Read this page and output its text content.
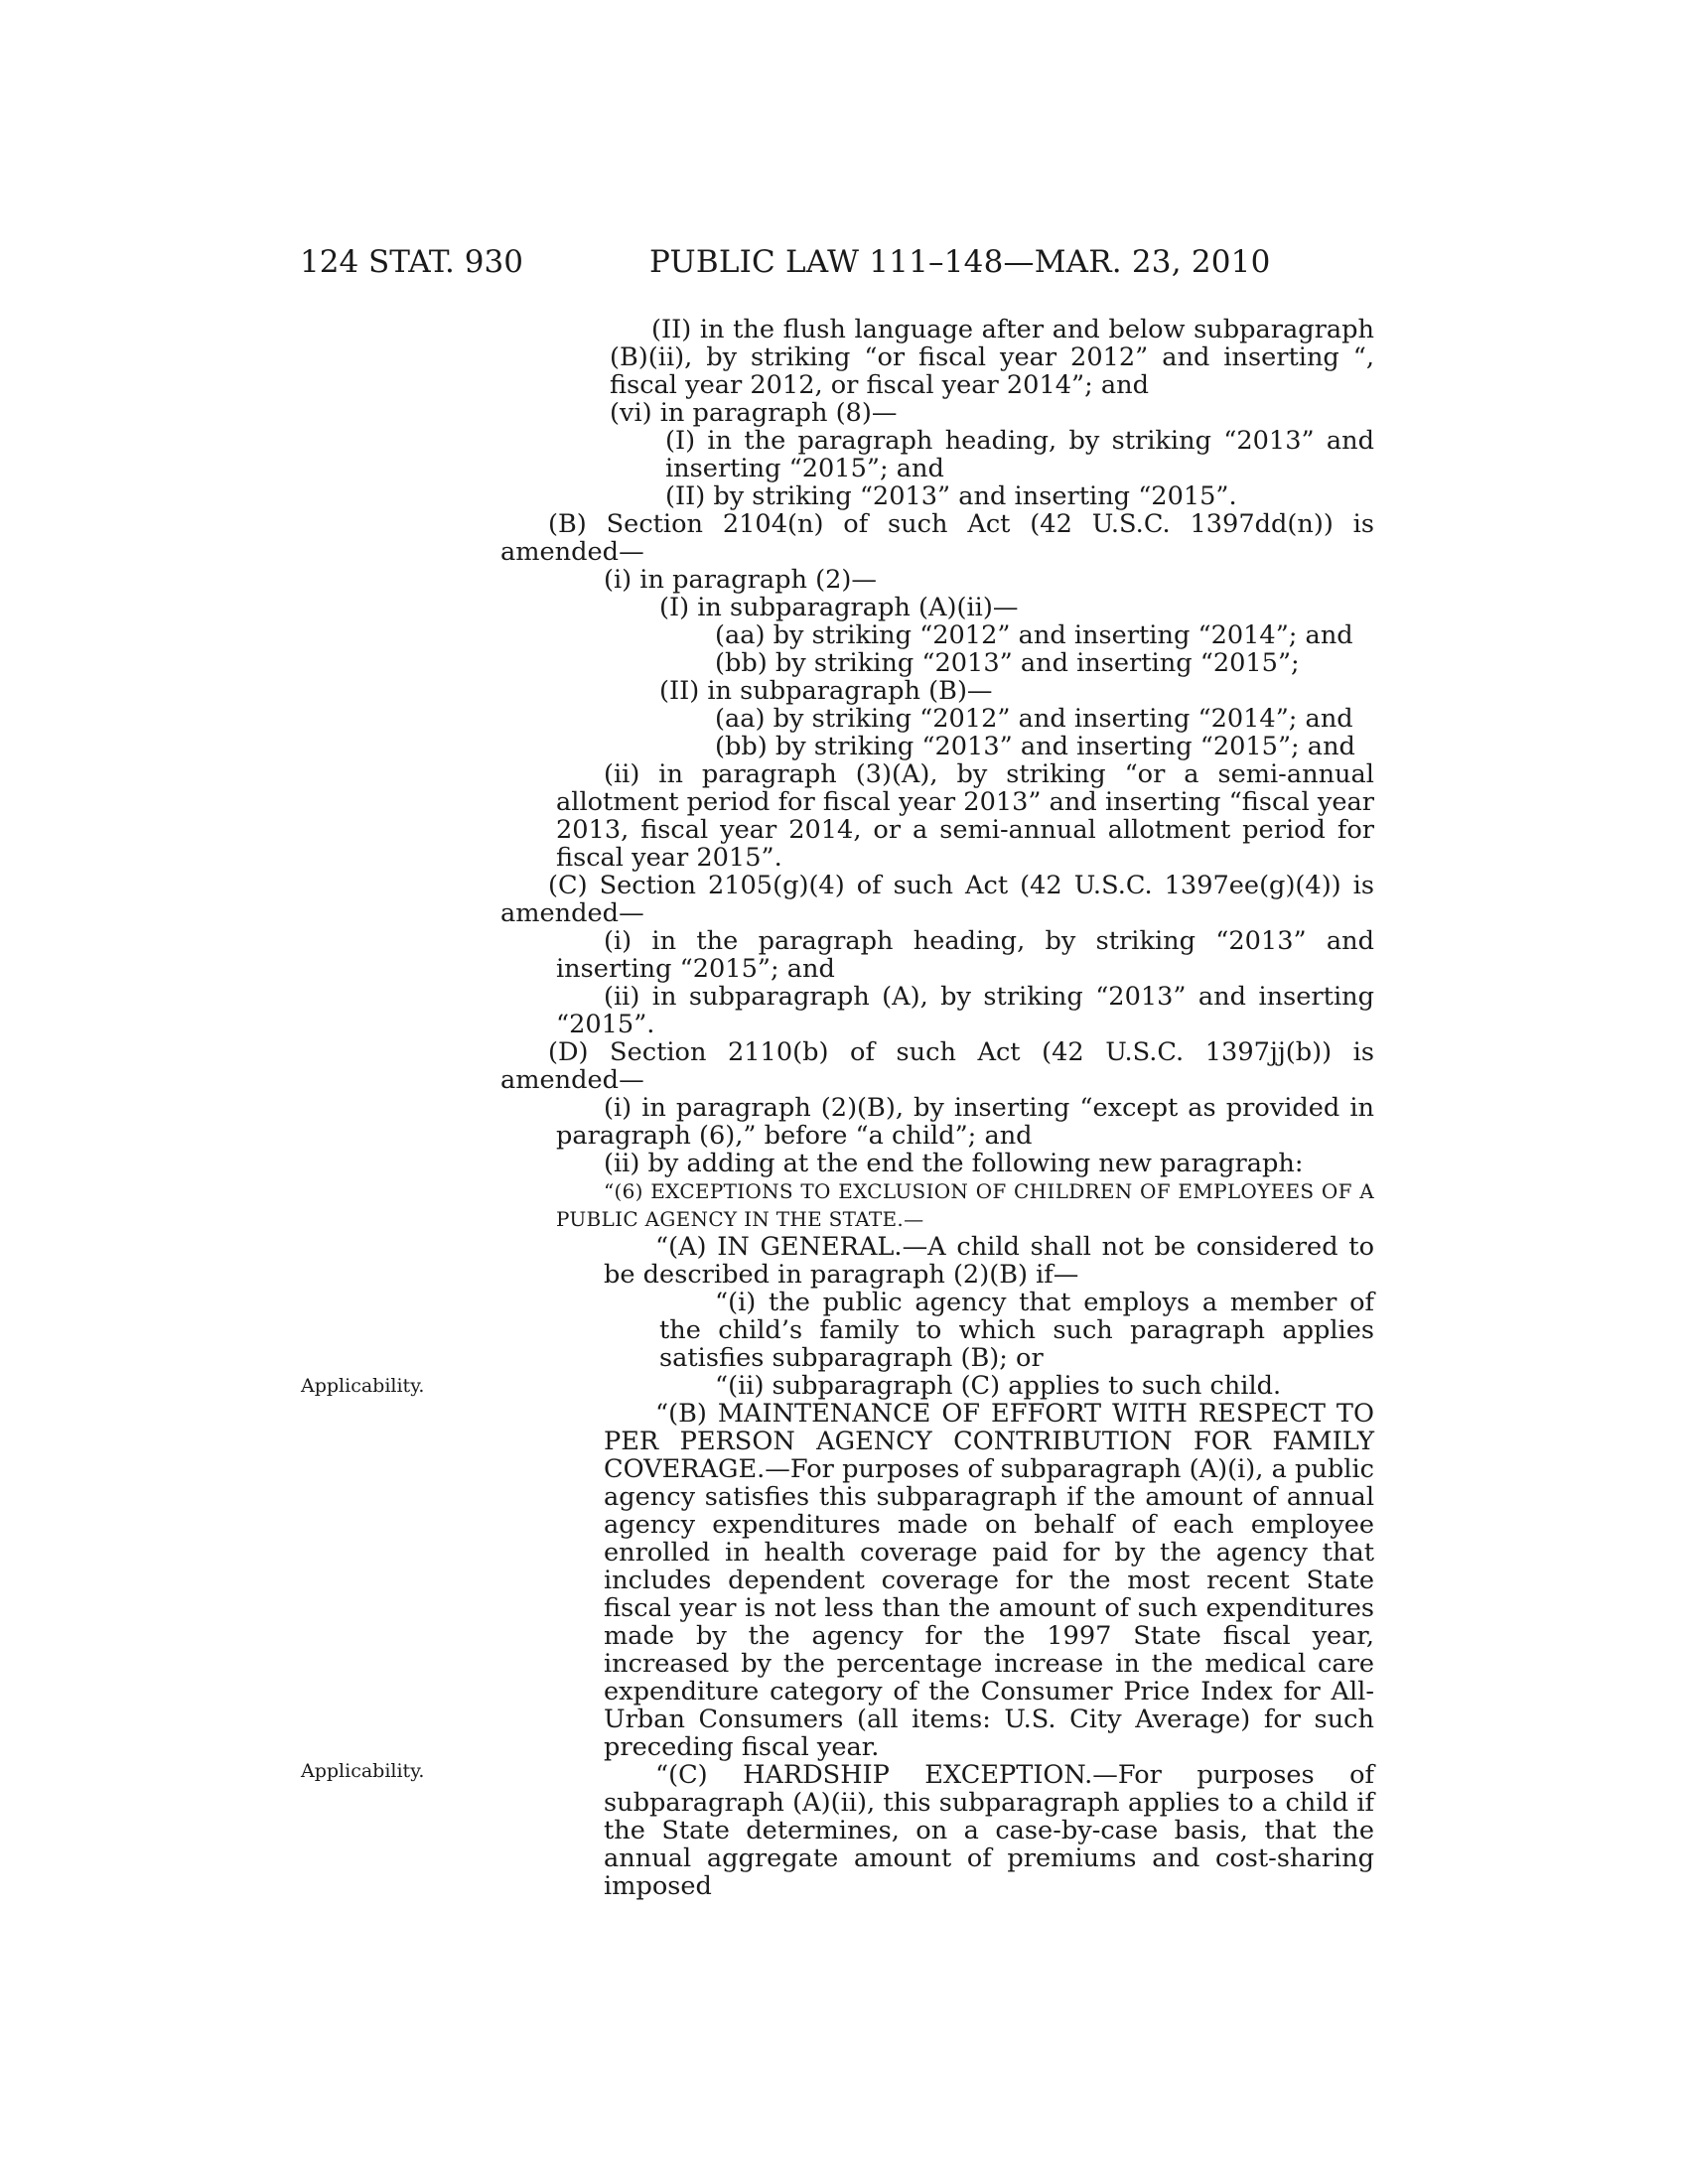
124 STAT. 930	PUBLIC LAW 111–148—MAR. 23, 2010
Applicability.
Applicability.

(II) in the flush language after and below subparagraph (B)(ii), by striking “or fiscal year 2012” and inserting “, fiscal year 2012, or fiscal year 2014”; and

(vi) in paragraph (8)—

(I) in the paragraph heading, by striking “2013” and inserting “2015”; and

(II) by striking “2013” and inserting “2015”.

(B) Section 2104(n) of such Act (42 U.S.C. 1397dd(n)) is amended—

(i) in paragraph (2)—

(I) in subparagraph (A)(ii)—

(aa) by striking “2012” and inserting “2014”; and

(bb) by striking “2013” and inserting “2015”;

(II) in subparagraph (B)—

(aa) by striking “2012” and inserting “2014”; and

(bb) by striking “2013” and inserting “2015”; and

(ii) in paragraph (3)(A), by striking “or a semi-annual allotment period for fiscal year 2013” and inserting “fiscal year 2013, fiscal year 2014, or a semi-annual allotment period for fiscal year 2015”.

(C) Section 2105(g)(4) of such Act (42 U.S.C. 1397ee(g)(4)) is amended—

(i) in the paragraph heading, by striking “2013” and inserting “2015”; and

(ii) in subparagraph (A), by striking “2013” and inserting “2015”.

(D) Section 2110(b) of such Act (42 U.S.C. 1397jj(b)) is amended—

(i) in paragraph (2)(B), by inserting “except as provided in paragraph (6),” before “a child”; and

(ii) by adding at the end the following new paragraph:

“(6) EXCEPTIONS TO EXCLUSION OF CHILDREN OF EMPLOYEES OF A PUBLIC AGENCY IN THE STATE.—

“(A) IN GENERAL.—A child shall not be considered to be described in paragraph (2)(B) if—

“(i) the public agency that employs a member of the child’s family to which such paragraph applies satisfies subparagraph (B); or

“(ii) subparagraph (C) applies to such child.

“(B) MAINTENANCE OF EFFORT WITH RESPECT TO PER PERSON AGENCY CONTRIBUTION FOR FAMILY COVERAGE.—For purposes of subparagraph (A)(i), a public agency satisfies this subparagraph if the amount of annual agency expenditures made on behalf of each employee enrolled in health coverage paid for by the agency that includes dependent coverage for the most recent State fiscal year is not less than the amount of such expenditures made by the agency for the 1997 State fiscal year, increased by the percentage increase in the medical care expenditure category of the Consumer Price Index for All-Urban Consumers (all items: U.S. City Average) for such preceding fiscal year.

“(C) HARDSHIP EXCEPTION.—For purposes of subparagraph (A)(ii), this subparagraph applies to a child if the State determines, on a case-by-case basis, that the annual aggregate amount of premiums and cost-sharing imposed
